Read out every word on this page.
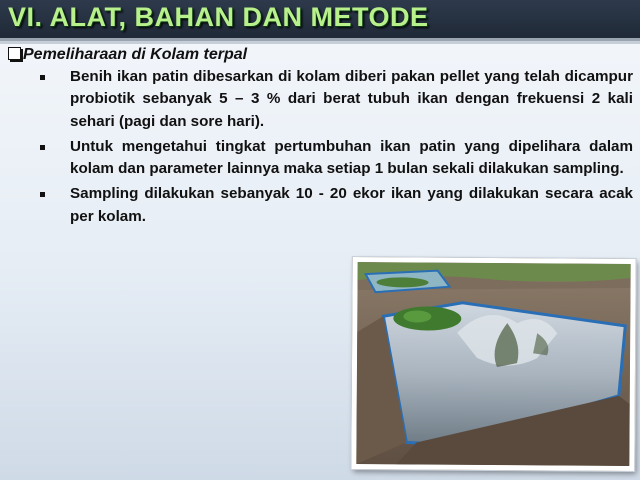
VI. ALAT, BAHAN DAN METODE
Pemeliharaan di Kolam terpal
Benih ikan patin dibesarkan di kolam diberi pakan pellet yang telah dicampur probiotik sebanyak 5 – 3 % dari berat tubuh ikan dengan frekuensi 2 kali sehari (pagi dan sore hari).
Untuk mengetahui tingkat pertumbuhan ikan patin yang dipelihara dalam kolam dan parameter lainnya maka setiap 1 bulan sekali dilakukan sampling.
Sampling dilakukan sebanyak 10 - 20 ekor ikan yang dilakukan secara acak per kolam.
